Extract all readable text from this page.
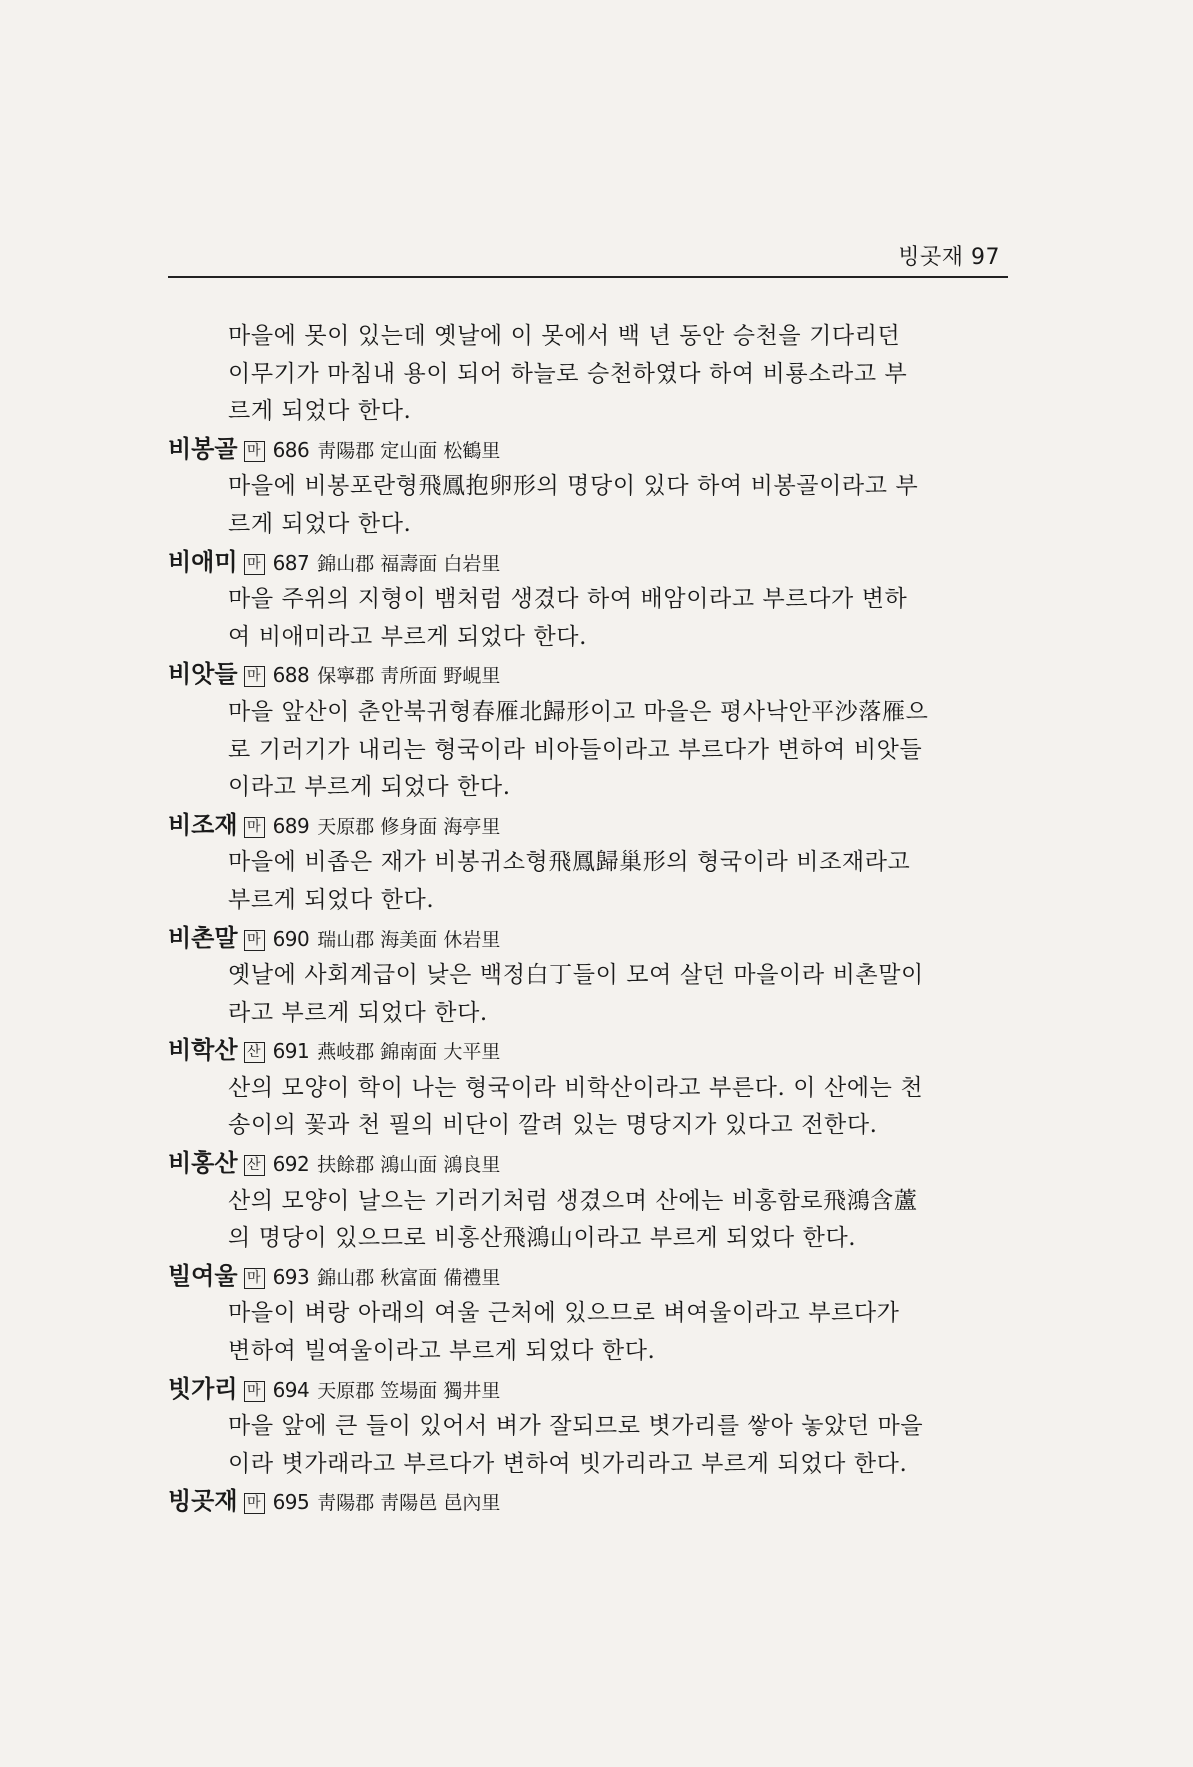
빙곳재 97
마을에 못이 있는데 옛날에 이 못에서 백 년 동안 승천을 기다리던
이무기가 마침내 용이 되어 하늘로 승천하였다 하여 비룡소라고 부
르게 되었다 한다.
비봉골 마 686 靑陽郡 定山面 松鶴里
마을에 비봉포란형飛鳳抱卵形의 명당이 있다 하여 비봉골이라고 부
르게 되었다 한다.
비애미 마 687 錦山郡 福壽面 白岩里
마을 주위의 지형이 뱀처럼 생겼다 하여 배암이라고 부르다가 변하
여 비애미라고 부르게 되었다 한다.
비앗들 마 688 保寧郡 靑所面 野峴里
마을 앞산이 춘안북귀형春雁北歸形이고 마을은 평사낙안平沙落雁으
로 기러기가 내리는 형국이라 비아들이라고 부르다가 변하여 비앗들
이라고 부르게 되었다 한다.
비조재 마 689 天原郡 修身面 海亭里
마을에 비좁은 재가 비봉귀소형飛鳳歸巢形의 형국이라 비조재라고
부르게 되었다 한다.
비촌말 마 690 瑞山郡 海美面 休岩里
옛날에 사회계급이 낮은 백정白丁들이 모여 살던 마을이라 비촌말이
라고 부르게 되었다 한다.
비학산 산 691 燕岐郡 錦南面 大平里
산의 모양이 학이 나는 형국이라 비학산이라고 부른다. 이 산에는 천
송이의 꽃과 천 필의 비단이 깔려 있는 명당지가 있다고 전한다.
비홍산 산 692 扶餘郡 鴻山面 鴻良里
산의 모양이 날으는 기러기처럼 생겼으며 산에는 비홍함로飛鴻含蘆
의 명당이 있으므로 비홍산飛鴻山이라고 부르게 되었다 한다.
빌여울 마 693 錦山郡 秋富面 備禮里
마을이 벼랑 아래의 여울 근처에 있으므로 벼여울이라고 부르다가
변하여 빌여울이라고 부르게 되었다 한다.
빗가리 마 694 天原郡 笠場面 獨井里
마을 앞에 큰 들이 있어서 벼가 잘되므로 볏가리를 쌓아 놓았던 마을
이라 볏가래라고 부르다가 변하여 빗가리라고 부르게 되었다 한다.
빙곳재 마 695 靑陽郡 靑陽邑 邑內里
